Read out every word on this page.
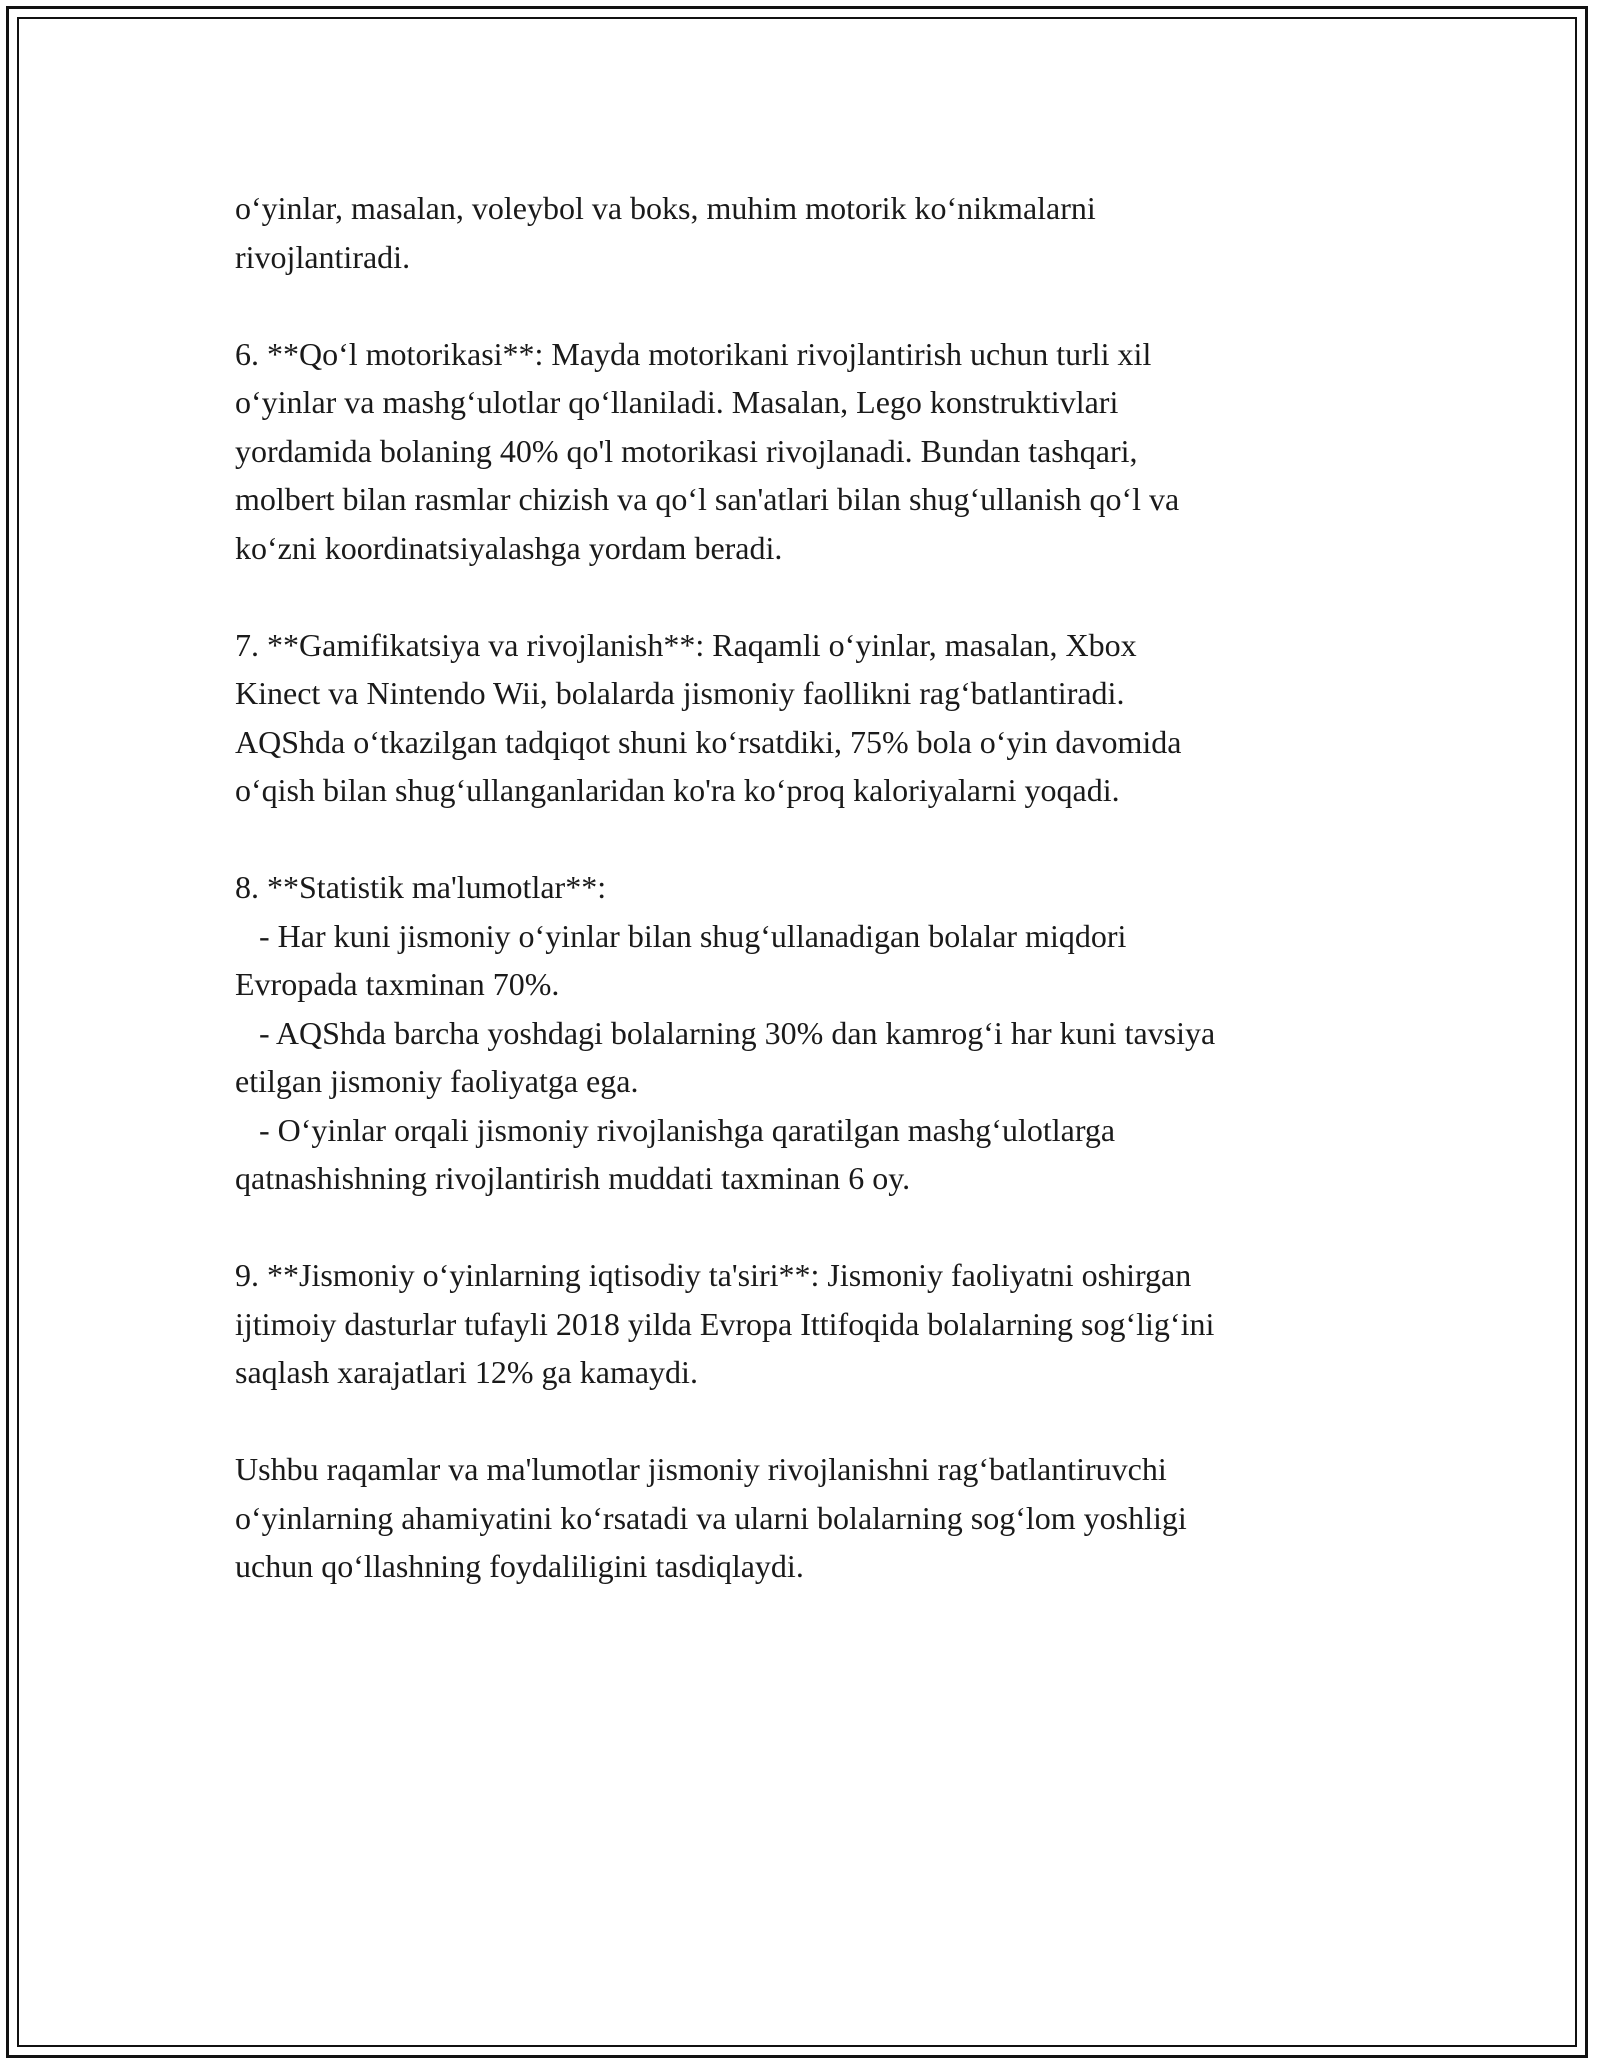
o‘yinlar, masalan, voleybol va boks, muhim motorik ko‘nikmalarni
rivojlantiradi.
6. **Qo‘l motorikasi**: Mayda motorikani rivojlantirish uchun turli xil
o‘yinlar va mashg‘ulotlar qo‘llaniladi. Masalan, Lego konstruktivlari
yordamida bolaning 40% qo'l motorikasi rivojlanadi. Bundan tashqari,
molbert bilan rasmlar chizish va qo‘l san'atlari bilan shug‘ullanish qo‘l va
ko‘zni koordinatsiyalashga yordam beradi.
7. **Gamifikatsiya va rivojlanish**: Raqamli o‘yinlar, masalan, Xbox
Kinect va Nintendo Wii, bolalarda jismoniy faollikni rag‘batlantiradi.
AQShda o‘tkazilgan tadqiqot shuni ko‘rsatdiki, 75% bola o‘yin davomida
o‘qish bilan shug‘ullanganlaridan ko'ra ko‘proq kaloriyalarni yoqadi.
8. **Statistik ma'lumotlar**:
- Har kuni jismoniy o‘yinlar bilan shug‘ullanadigan bolalar miqdori
Evropada taxminan 70%.
- AQShda barcha yoshdagi bolalarning 30% dan kamrog‘i har kuni tavsiya
etilgan jismoniy faoliyatga ega.
- O‘yinlar orqali jismoniy rivojlanishga qaratilgan mashg‘ulotlarga
qatnashishning rivojlantirish muddati taxminan 6 oy.
9. **Jismoniy o‘yinlarning iqtisodiy ta'siri**: Jismoniy faoliyatni oshirgan
ijtimoiy dasturlar tufayli 2018 yilda Evropa Ittifoqida bolalarning sog‘lig‘ini
saqlash xarajatlari 12% ga kamaydi.
Ushbu raqamlar va ma'lumotlar jismoniy rivojlanishni rag‘batlantiruvchi
o‘yinlarning ahamiyatini ko‘rsatadi va ularni bolalarning sog‘lom yoshligi
uchun qo‘llashning foydaliligini tasdiqlaydi.
